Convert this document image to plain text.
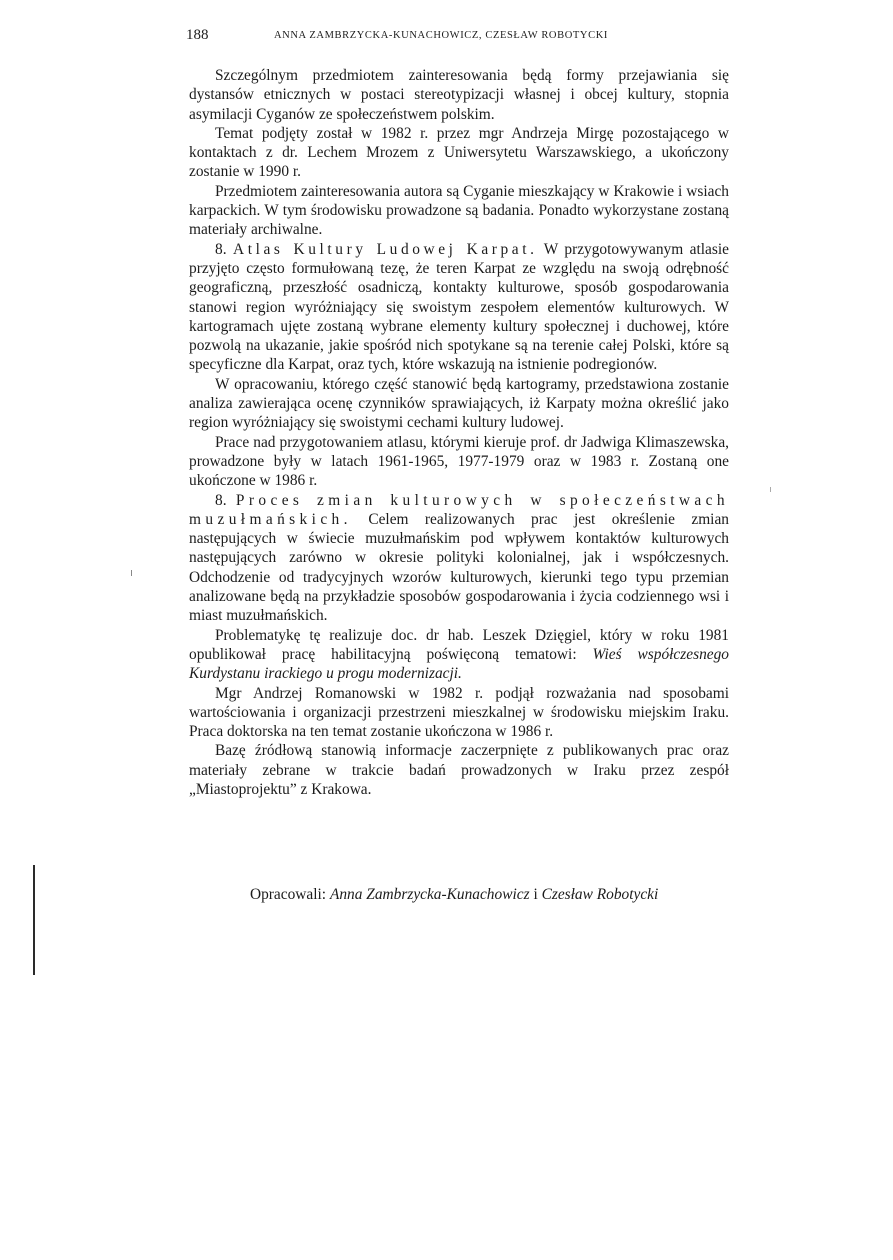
188	ANNA ZAMBRZYCKA-KUNACHOWICZ, CZESŁAW ROBOTYCKI

Szczególnym przedmiotem zainteresowania będą formy przejawiania się dystansów etnicznych w postaci stereotypizacji własnej i obcej kultury, stopnia asymilacji Cyganów ze społeczeństwem polskim.

Temat podjęty został w 1982 r. przez mgr Andrzeja Mirgę pozostającego w kontaktach z dr. Lechem Mrozem z Uniwersytetu Warszawskiego, a ukończony zostanie w 1990 r.

Przedmiotem zainteresowania autora są Cyganie mieszkający w Krakowie i wsiach karpackich. W tym środowisku prowadzone są badania. Ponadto wykorzystane zostaną materiały archiwalne.

8. Atlas Kultury Ludowej Karpat. W przygotowywanym atlasie przyjęto często formułowaną tezę, że teren Karpat ze względu na swoją odrębność geograficzną, przeszłość osadniczą, kontakty kulturowe, sposób gospodarowania stanowi region wyróżniający się swoistym zespołem elementów kulturowych. W kartogramach ujęte zostaną wybrane elementy kultury społecznej i duchowej, które pozwolą na ukazanie, jakie spośród nich spotykane są na terenie całej Polski, które są specyficzne dla Karpat, oraz tych, które wskazują na istnienie podregionów.

W opracowaniu, którego część stanowić będą kartogramy, przedstawiona zostanie analiza zawierająca ocenę czynników sprawiających, iż Karpaty można określić jako region wyróżniający się swoistymi cechami kultury ludowej.

Prace nad przygotowaniem atlasu, którymi kieruje prof. dr Jadwiga Klimaszewska, prowadzone były w latach 1961-1965, 1977-1979 oraz w 1983 r. Zostaną one ukończone w 1986 r.

8. Proces zmian kulturowych w społeczeństwach muzułmańskich. Celem realizowanych prac jest określenie zmian następujących w świecie muzułmańskim pod wpływem kontaktów kulturowych następujących zarówno w okresie polityki kolonialnej, jak i współczesnych. Odchodzenie od tradycyjnych wzorów kulturowych, kierunki tego typu przemian analizowane będą na przykładzie sposobów gospodarowania i życia codziennego wsi i miast muzułmańskich.

Problematykę tę realizuje doc. dr hab. Leszek Dzięgiel, który w roku 1981 opublikował pracę habilitacyjną poświęconą tematowi: Wieś współczesnego Kurdystanu irackiego u progu modernizacji.

Mgr Andrzej Romanowski w 1982 r. podjął rozważania nad sposobami wartościowania i organizacji przestrzeni mieszkalnej w środowisku miejskim Iraku. Praca doktorska na ten temat zostanie ukończona w 1986 r.

Bazę źródłową stanowią informacje zaczerpnięte z publikowanych prac oraz materiały zebrane w trakcie badań prowadzonych w Iraku przez zespół „Miastoprojektu” z Krakowa.

Opracowali: Anna Zambrzycka-Kunachowicz i Czesław Robotycki
